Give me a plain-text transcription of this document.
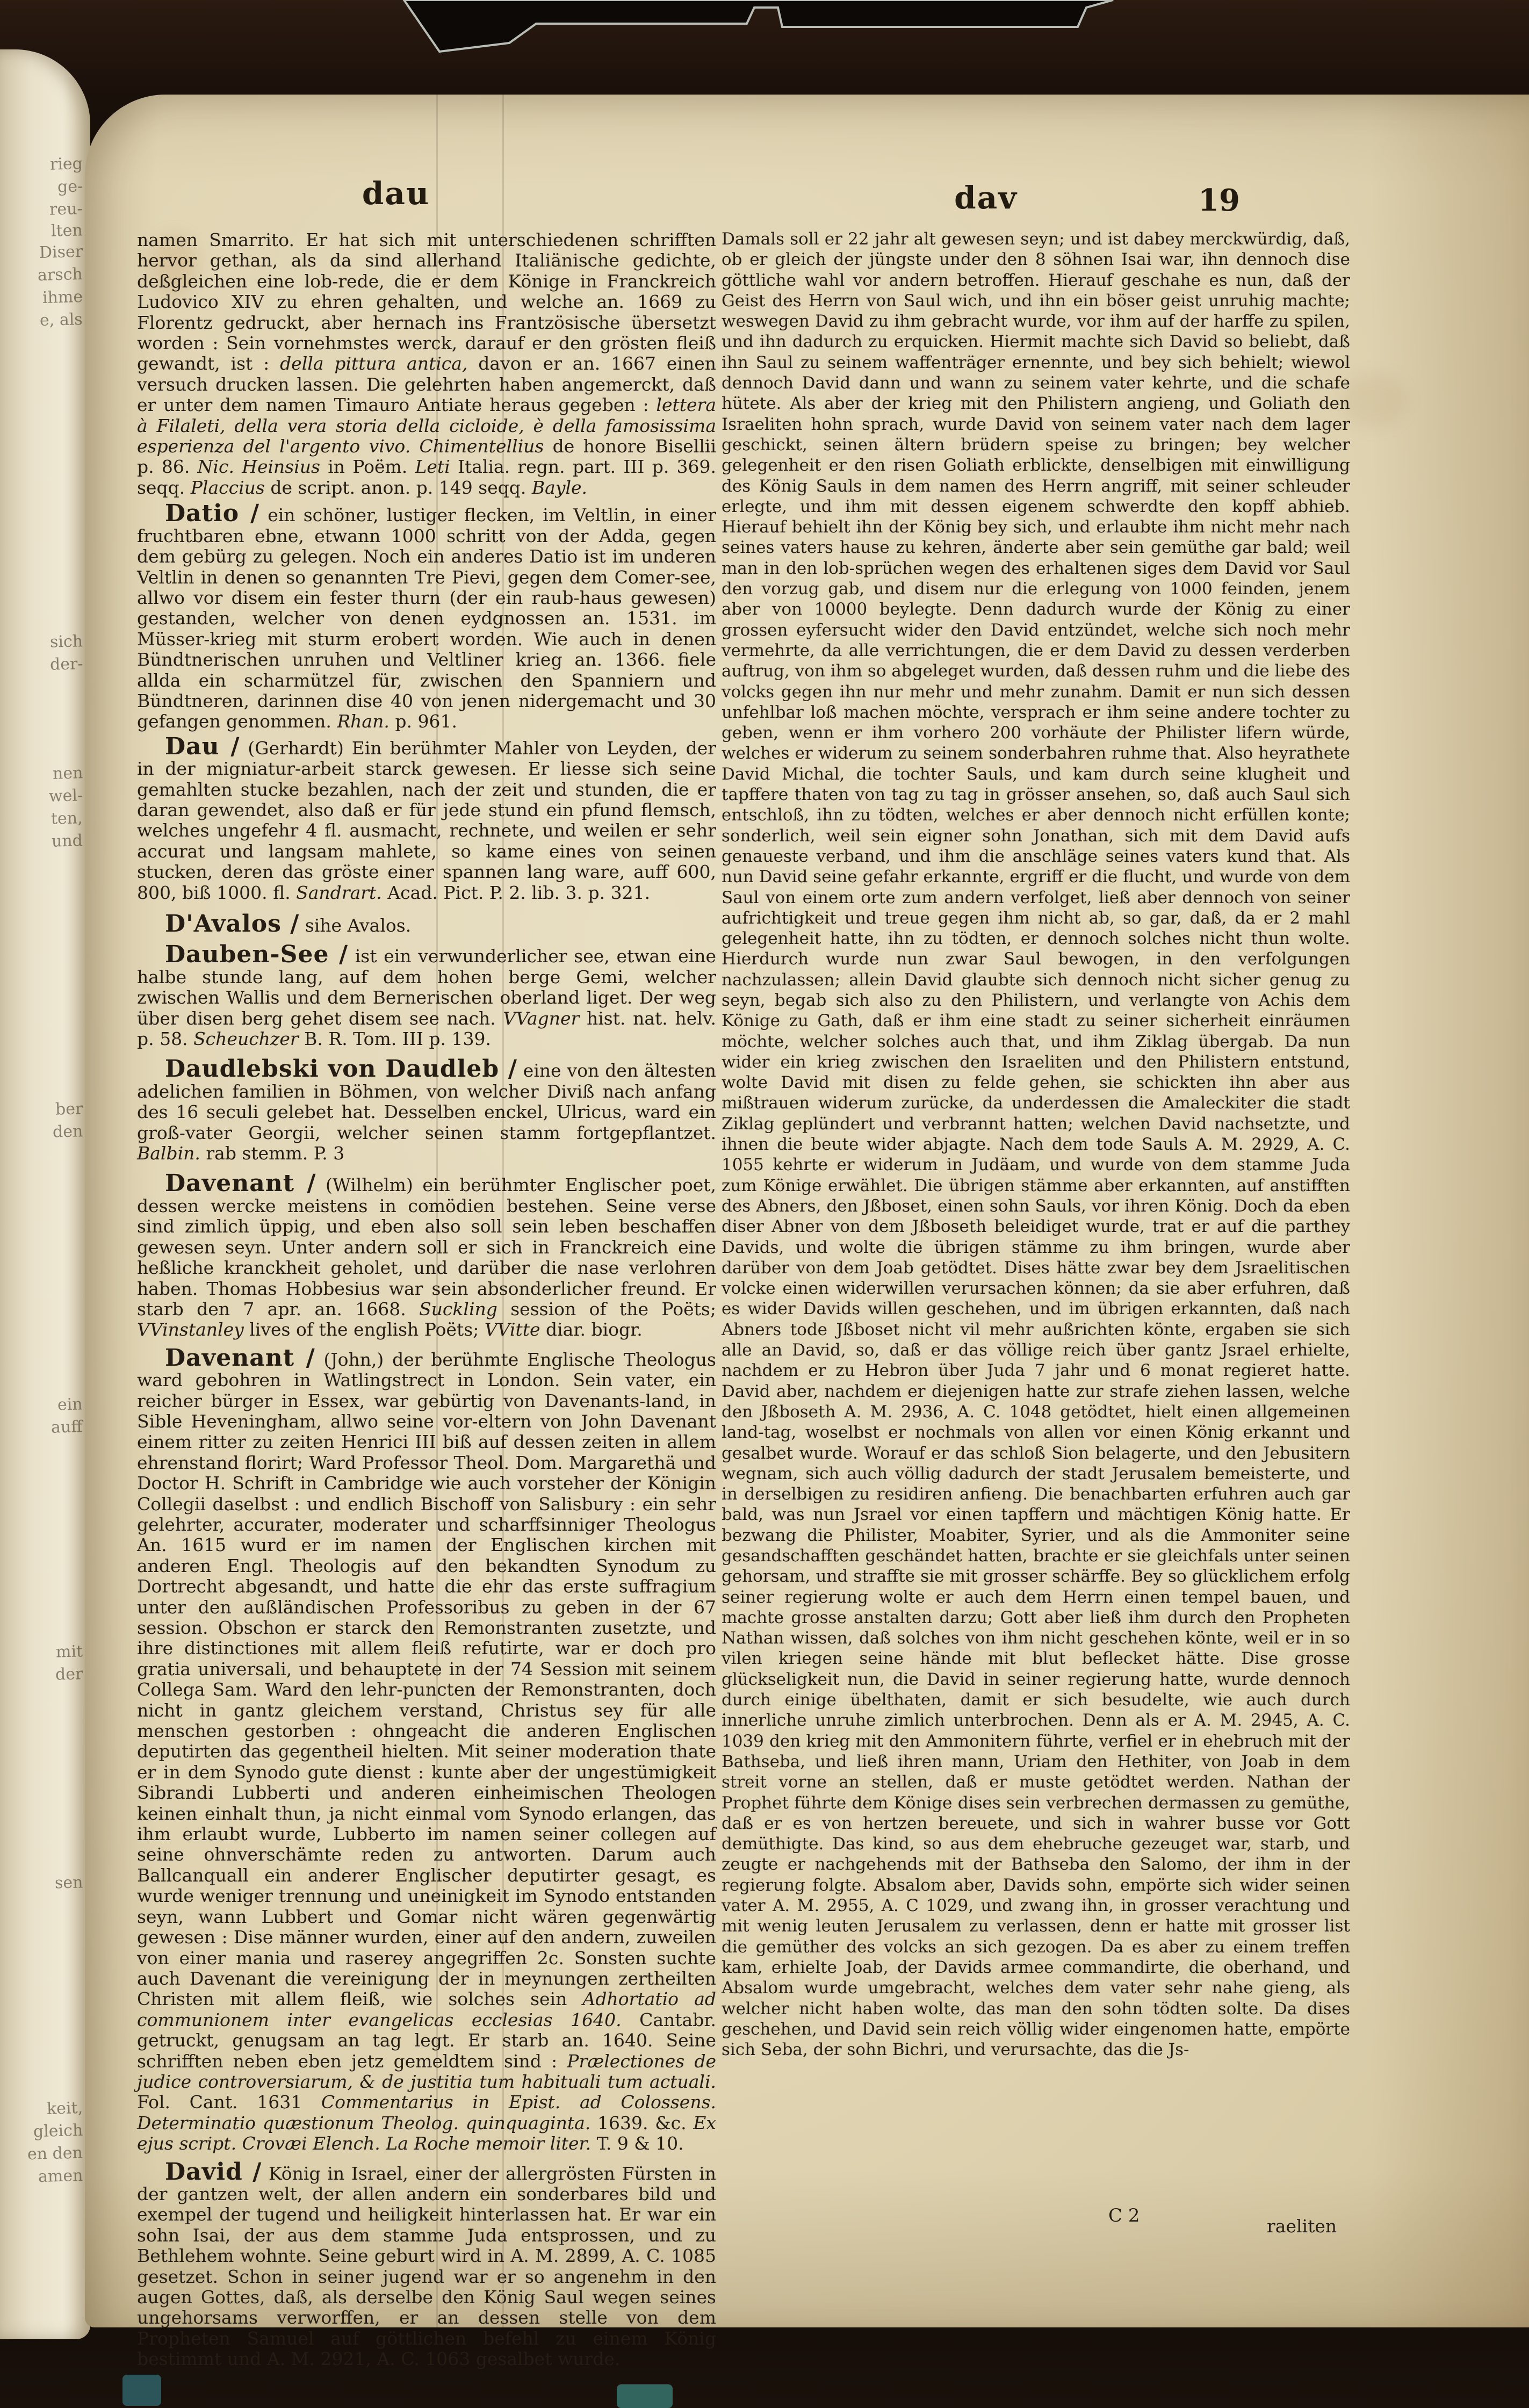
rieg
ge-
reu-
lten
Diser
arsch
ihme
e, als
sich
der-
nen
wel-
ten,
und
ber
den
ein
auff
mit
der
sen
keit,
gleich
en den
amen
dau	dav	19

namen Smarrito. Er hat sich mit unterschiedenen schrifften hervor gethan, als da sind allerhand Italiänische gedichte, deßgleichen eine lob-rede, die er dem Könige in Franckreich Ludovico XIV zu ehren gehalten, und welche an. 1669 zu Florentz gedruckt, aber hernach ins Frantzösische übersetzt worden : Sein vornehmstes werck, darauf er den grösten fleiß gewandt, ist : della pittura antica, davon er an. 1667 einen versuch drucken lassen. Die gelehrten haben angemerckt, daß er unter dem namen Timauro Antiate heraus gegeben : lettera à Filaleti, della vera storia della cicloide, è della famosissima esperienza del l'argento vivo. Chimentellius de honore Bisellii p. 86. Nic. Heinsius in Poëm. Leti Italia. regn. part. III p. 369. seqq. Placcius de script. anon. p. 149 seqq. Bayle.

Datio / ein schöner, lustiger flecken, im Veltlin, in einer fruchtbaren ebne, etwann 1000 schritt von der Adda, gegen dem gebürg zu gelegen. Noch ein anderes Datio ist im underen Veltlin in denen so genannten Tre Pievi, gegen dem Comer-see, allwo vor disem ein fester thurn (der ein raub-haus gewesen) gestanden, welcher von denen eydgnossen an. 1531. im Müsser-krieg mit sturm erobert worden. Wie auch in denen Bündtnerischen unruhen und Veltliner krieg an. 1366. fiele allda ein scharmützel für, zwischen den Spanniern und Bündtneren, darinnen dise 40 von jenen nidergemacht und 30 gefangen genommen. Rhan. p. 961.

Dau / (Gerhardt) Ein berühmter Mahler von Leyden, der in der migniatur-arbeit starck gewesen. Er liesse sich seine gemahlten stucke bezahlen, nach der zeit und stunden, die er daran gewendet, also daß er für jede stund ein pfund flemsch, welches ungefehr 4 fl. ausmacht, rechnete, und weilen er sehr accurat und langsam mahlete, so kame eines von seinen stucken, deren das gröste einer spannen lang ware, auff 600, 800, biß 1000. fl. Sandrart. Acad. Pict. P. 2. lib. 3. p. 321.

D'Avalos / sihe Avalos.

Dauben-See / ist ein verwunderlicher see, etwan eine halbe stunde lang, auf dem hohen berge Gemi, welcher zwischen Wallis und dem Bernerischen oberland liget. Der weg über disen berg gehet disem see nach. VVagner hist. nat. helv. p. 58. Scheuchzer B. R. Tom. III p. 139.

Daudlebski von Daudleb / eine von den ältesten adelichen familien in Böhmen, von welcher Diviß nach anfang des 16 seculi gelebet hat. Desselben enckel, Ulricus, ward ein groß-vater Georgii, welcher seinen stamm fortgepflantzet. Balbin. rab stemm. P. 3

Davenant / (Wilhelm) ein berühmter Englischer poet, dessen wercke meistens in comödien bestehen. Seine verse sind zimlich üppig, und eben also soll sein leben beschaffen gewesen seyn. Unter andern soll er sich in Franckreich eine heßliche kranckheit geholet, und darüber die nase verlohren haben. Thomas Hobbesius war sein absonderlicher freund. Er starb den 7 apr. an. 1668. Suckling session of the Poëts; VVinstanley lives of the english Poëts; VVitte diar. biogr.

Davenant / (John,) der berühmte Englische Theologus ward gebohren in Watlingstrect in London. Sein vater, ein reicher bürger in Essex, war gebürtig von Davenants-land, in Sible Heveningham, allwo seine vor-eltern von John Davenant einem ritter zu zeiten Henrici III biß auf dessen zeiten in allem ehrenstand florirt; Ward Professor Theol. Dom. Margarethä und Doctor H. Schrift in Cambridge wie auch vorsteher der Königin Collegii daselbst : und endlich Bischoff von Salisbury : ein sehr gelehrter, accurater, moderater und scharffsinniger Theologus An. 1615 wurd er im namen der Englischen kirchen mit anderen Engl. Theologis auf den bekandten Synodum zu Dortrecht abgesandt, und hatte die ehr das erste suffragium unter den außländischen Professoribus zu geben in der 67 session. Obschon er starck den Remonstranten zusetzte, und ihre distinctiones mit allem fleiß refutirte, war er doch pro gratia universali, und behauptete in der 74 Session mit seinem Collega Sam. Ward den lehr-puncten der Remonstranten, doch nicht in gantz gleichem verstand, Christus sey für alle menschen gestorben : ohngeacht die anderen Englischen deputirten das gegentheil hielten. Mit seiner moderation thate er in dem Synodo gute dienst : kunte aber der ungestümigkeit Sibrandi Lubberti und anderen einheimischen Theologen keinen einhalt thun, ja nicht einmal vom Synodo erlangen, das ihm erlaubt wurde, Lubberto im namen seiner collegen auf seine ohnverschämte reden zu antworten. Darum auch Ballcanquall ein anderer Englischer deputirter gesagt, es wurde weniger trennung und uneinigkeit im Synodo entstanden seyn, wann Lubbert und Gomar nicht wären gegenwärtig gewesen : Dise männer wurden, einer auf den andern, zuweilen von einer mania und raserey angegriffen 2c. Sonsten suchte auch Davenant die vereinigung der in meynungen zertheilten Christen mit allem fleiß, wie solches sein Adhortatio ad communionem inter evangelicas ecclesias 1640. Cantabr. getruckt, genugsam an tag legt. Er starb an. 1640. Seine schrifften neben eben jetz gemeldtem sind : Prælectiones de judice controversiarum, & de justitia tum habituali tum actuali. Fol. Cant. 1631 Commentarius in Epist. ad Colossens. Determinatio quæstionum Theolog. quinquaginta. 1639. &c. Ex ejus script. Crovæi Elench. La Roche memoir liter. T. 9 & 10.

David / König in Israel, einer der allergrösten Fürsten in der gantzen welt, der allen andern ein sonderbares bild und exempel der tugend und heiligkeit hinterlassen hat. Er war ein sohn Isai, der aus dem stamme Juda entsprossen, und zu Bethlehem wohnte. Seine geburt wird in A. M. 2899, A. C. 1085 gesetzet. Schon in seiner jugend war er so angenehm in den augen Gottes, daß, als derselbe den König Saul wegen seines ungehorsams verworffen, er an dessen stelle von dem Propheten Samuel auf göttlichen befehl zu einem König bestimmt und A. M. 2921, A. C. 1063 gesalbet wurde.

Damals soll er 22 jahr alt gewesen seyn; und ist dabey merckwürdig, daß, ob er gleich der jüngste under den 8 söhnen Isai war, ihn dennoch dise göttliche wahl vor andern betroffen. Hierauf geschahe es nun, daß der Geist des Herrn von Saul wich, und ihn ein böser geist unruhig machte; weswegen David zu ihm gebracht wurde, vor ihm auf der harffe zu spilen, und ihn dadurch zu erquicken. Hiermit machte sich David so beliebt, daß ihn Saul zu seinem waffenträger ernennte, und bey sich behielt; wiewol dennoch David dann und wann zu seinem vater kehrte, und die schafe hütete. Als aber der krieg mit den Philistern angieng, und Goliath den Israeliten hohn sprach, wurde David von seinem vater nach dem lager geschickt, seinen ältern brüdern speise zu bringen; bey welcher gelegenheit er den risen Goliath erblickte, denselbigen mit einwilligung des König Sauls in dem namen des Herrn angriff, mit seiner schleuder erlegte, und ihm mit dessen eigenem schwerdte den kopff abhieb. Hierauf behielt ihn der König bey sich, und erlaubte ihm nicht mehr nach seines vaters hause zu kehren, änderte aber sein gemüthe gar bald; weil man in den lob-sprüchen wegen des erhaltenen siges dem David vor Saul den vorzug gab, und disem nur die erlegung von 1000 feinden, jenem aber von 10000 beylegte. Denn dadurch wurde der König zu einer grossen eyfersucht wider den David entzündet, welche sich noch mehr vermehrte, da alle verrichtungen, die er dem David zu dessen verderben auftrug, von ihm so abgeleget wurden, daß dessen ruhm und die liebe des volcks gegen ihn nur mehr und mehr zunahm. Damit er nun sich dessen unfehlbar loß machen möchte, versprach er ihm seine andere tochter zu geben, wenn er ihm vorhero 200 vorhäute der Philister lifern würde, welches er widerum zu seinem sonderbahren ruhme that. Also heyrathete David Michal, die tochter Sauls, und kam durch seine klugheit und tapffere thaten von tag zu tag in grösser ansehen, so, daß auch Saul sich entschloß, ihn zu tödten, welches er aber dennoch nicht erfüllen konte; sonderlich, weil sein eigner sohn Jonathan, sich mit dem David aufs genaueste verband, und ihm die anschläge seines vaters kund that. Als nun David seine gefahr erkannte, ergriff er die flucht, und wurde von dem Saul von einem orte zum andern verfolget, ließ aber dennoch von seiner aufrichtigkeit und treue gegen ihm nicht ab, so gar, daß, da er 2 mahl gelegenheit hatte, ihn zu tödten, er dennoch solches nicht thun wolte. Hierdurch wurde nun zwar Saul bewogen, in den verfolgungen nachzulassen; allein David glaubte sich dennoch nicht sicher genug zu seyn, begab sich also zu den Philistern, und verlangte von Achis dem Könige zu Gath, daß er ihm eine stadt zu seiner sicherheit einräumen möchte, welcher solches auch that, und ihm Ziklag übergab. Da nun wider ein krieg zwischen den Israeliten und den Philistern entstund, wolte David mit disen zu felde gehen, sie schickten ihn aber aus mißtrauen widerum zurücke, da underdessen die Amaleckiter die stadt Ziklag geplündert und verbrannt hatten; welchen David nachsetzte, und ihnen die beute wider abjagte. Nach dem tode Sauls A. M. 2929, A. C. 1055 kehrte er widerum in Judäam, und wurde von dem stamme Juda zum Könige erwählet. Die übrigen stämme aber erkannten, auf anstifften des Abners, den Jßboset, einen sohn Sauls, vor ihren König. Doch da eben diser Abner von dem Jßboseth beleidiget wurde, trat er auf die parthey Davids, und wolte die übrigen stämme zu ihm bringen, wurde aber darüber von dem Joab getödtet. Dises hätte zwar bey dem Jsraelitischen volcke einen widerwillen verursachen können; da sie aber erfuhren, daß es wider Davids willen geschehen, und im übrigen erkannten, daß nach Abners tode Jßboset nicht vil mehr außrichten könte, ergaben sie sich alle an David, so, daß er das völlige reich über gantz Jsrael erhielte, nachdem er zu Hebron über Juda 7 jahr und 6 monat regieret hatte. David aber, nachdem er diejenigen hatte zur strafe ziehen lassen, welche den Jßboseth A. M. 2936, A. C. 1048 getödtet, hielt einen allgemeinen land-tag, woselbst er nochmals von allen vor einen König erkannt und gesalbet wurde. Worauf er das schloß Sion belagerte, und den Jebusitern wegnam, sich auch völlig dadurch der stadt Jerusalem bemeisterte, und in derselbigen zu residiren anfieng. Die benachbarten erfuhren auch gar bald, was nun Jsrael vor einen tapffern und mächtigen König hatte. Er bezwang die Philister, Moabiter, Syrier, und als die Ammoniter seine gesandschafften geschändet hatten, brachte er sie gleichfals unter seinen gehorsam, und straffte sie mit grosser schärffe. Bey so glücklichem erfolg seiner regierung wolte er auch dem Herrn einen tempel bauen, und machte grosse anstalten darzu; Gott aber ließ ihm durch den Propheten Nathan wissen, daß solches von ihm nicht geschehen könte, weil er in so vilen kriegen seine hände mit blut beflecket hätte. Dise grosse glückseligkeit nun, die David in seiner regierung hatte, wurde dennoch durch einige übelthaten, damit er sich besudelte, wie auch durch innerliche unruhe zimlich unterbrochen. Denn als er A. M. 2945, A. C. 1039 den krieg mit den Ammonitern führte, verfiel er in ehebruch mit der Bathseba, und ließ ihren mann, Uriam den Hethiter, von Joab in dem streit vorne an stellen, daß er muste getödtet werden. Nathan der Prophet führte dem Könige dises sein verbrechen dermassen zu gemüthe, daß er es von hertzen bereuete, und sich in wahrer busse vor Gott demüthigte. Das kind, so aus dem ehebruche gezeuget war, starb, und zeugte er nachgehends mit der Bathseba den Salomo, der ihm in der regierung folgte. Absalom aber, Davids sohn, empörte sich wider seinen vater A. M. 2955, A. C 1029, und zwang ihn, in grosser verachtung und mit wenig leuten Jerusalem zu verlassen, denn er hatte mit grosser list die gemüther des volcks an sich gezogen. Da es aber zu einem treffen kam, erhielte Joab, der Davids armee commandirte, die oberhand, und Absalom wurde umgebracht, welches dem vater sehr nahe gieng, als welcher nicht haben wolte, das man den sohn tödten solte. Da dises geschehen, und David sein reich völlig wider eingenomen hatte, empörte sich Seba, der sohn Bichri, und verursachte, das die Js-

C 2	raeliten
